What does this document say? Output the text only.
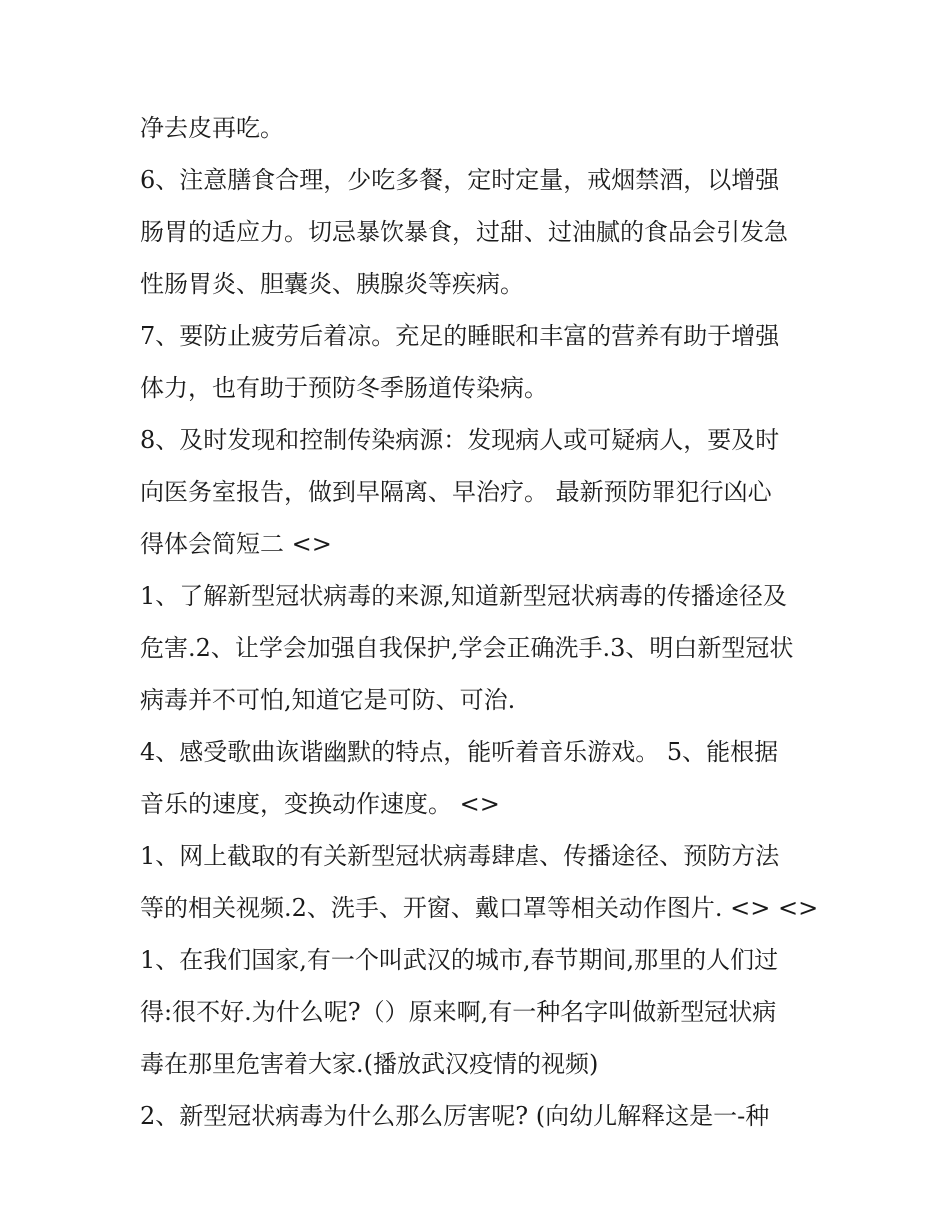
净去皮再吃。
6、注意膳食合理，少吃多餐，定时定量，戒烟禁酒，以增强
肠胃的适应力。切忌暴饮暴食，过甜、过油腻的食品会引发急
性肠胃炎、胆囊炎、胰腺炎等疾病。
7、要防止疲劳后着凉。充足的睡眠和丰富的营养有助于增强
体力，也有助于预防冬季肠道传染病。
8、及时发现和控制传染病源：发现病人或可疑病人，要及时
向医务室报告，做到早隔离、早治疗。 最新预防罪犯行凶心
得体会简短二 <>
1、了解新型冠状病毒的来源,知道新型冠状病毒的传播途径及
危害.2、让学会加强自我保护,学会正确洗手.3、明白新型冠状
病毒并不可怕,知道它是可防、可治.
4、感受歌曲诙谐幽默的特点，能听着音乐游戏。 5、能根据
音乐的速度，变换动作速度。 <>
1、网上截取的有关新型冠状病毒肆虐、传播途径、预防方法
等的相关视频.2、洗手、开窗、戴口罩等相关动作图片. <> <>
1、在我们国家,有一个叫武汉的城市,春节期间,那里的人们过
得:很不好.为什么呢?（）原来啊,有一种名字叫做新型冠状病
毒在那里危害着大家.(播放武汉疫情的视频)
2、新型冠状病毒为什么那么厉害呢? (向幼儿解释这是一-种
